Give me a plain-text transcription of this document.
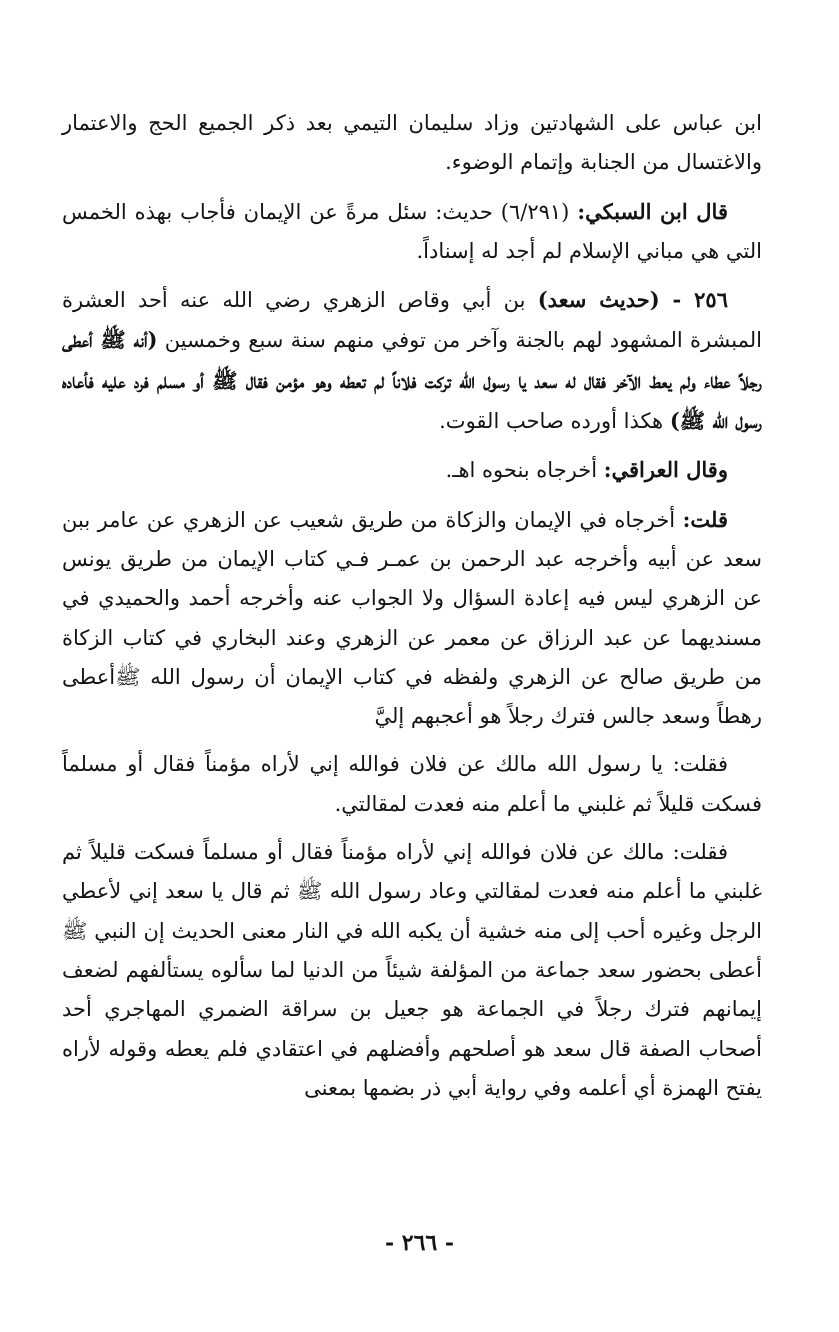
ابن عباس على الشهادتين وزاد سليمان التيمي بعد ذكر الجميع الحج والاعتمار والاغتسال من الجنابة وإتمام الوضوء.

قال ابن السبكي: (٦/٢٩١) حديث: سئل مرةً عن الإيمان فأجاب بهذه الخمس التي هي مباني الإسلام لم أجد له إسناداً.

٢٥٦ - (حديث سعد) بن أبي وقاص الزهري رضي الله عنه أحد العشرة المبشرة المشهود لهم بالجنة وآخر من توفي منهم سنة سبع وخمسين (أنه ﷺ أعطى رجلاً عطاء ولم يعط الآخر فقال له سعد يا رسول الله تركت فلاناً لم تعطه وهو مؤمن فقال ﷺ أو مسلم فرد عليه فأعاده رسول الله ﷺ) هكذا أورده صاحب القوت.

وقال العراقي: أخرجاه بنحوه اهـ.

قلت: أخرجاه في الإيمان والزكاة من طريق شعيب عن الزهري عن عامر ببن سعد عن أبيه وأخرجه عبد الرحمن بن عمـر فـي كتاب الإيمان من طريق يونس عن الزهري ليس فيه إعادة السؤال ولا الجواب عنه وأخرجه أحمد والحميدي في مسنديهما عن عبد الرزاق عن معمر عن الزهري وعند البخاري في كتاب الزكاة من طريق صالح عن الزهري ولفظه في كتاب الإيمان أن رسول الله ﷺأعطى رهطاً وسعد جالس فترك رجلاً هو أعجبهم إليَّ

فقلت: يا رسول الله مالك عن فلان فوالله إني لأراه مؤمناً فقال أو مسلماً فسكت قليلاً ثم غلبني ما أعلم منه فعدت لمقالتي.

فقلت: مالك عن فلان فوالله إني لأراه مؤمناً فقال أو مسلماً فسكت قليلاً ثم غلبني ما أعلم منه فعدت لمقالتي وعاد رسول الله ﷺ ثم قال يا سعد إني لأعطي الرجل وغيره أحب إلى منه خشية أن يكبه الله في النار معنى الحديث إن النبي ﷺ أعطى بحضور سعد جماعة من المؤلفة شيئاً من الدنيا لما سألوه يستألفهم لضعف إيمانهم فترك رجلاً في الجماعة هو جعيل بن سراقة الضمري المهاجري أحد أصحاب الصفة قال سعد هو أصلحهم وأفضلهم في اعتقادي فلم يعطه وقوله لأراه يفتح الهمزة أي أعلمه وفي رواية أبي ذر بضمها بمعنى

- ٢٦٦ -
